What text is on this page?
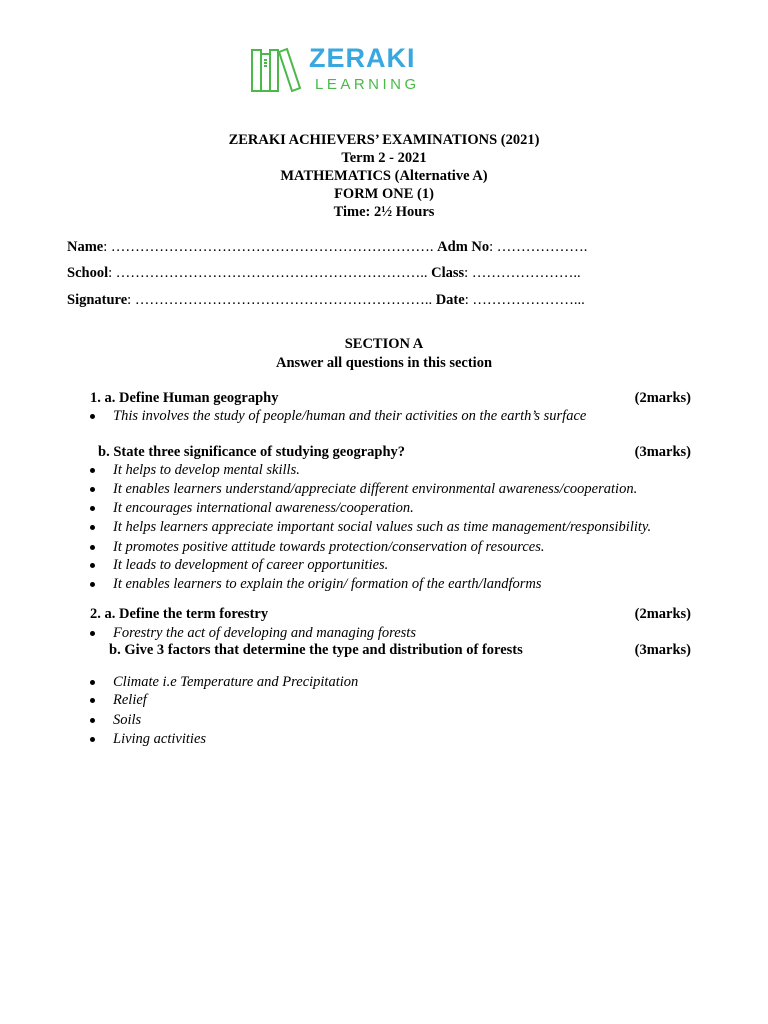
ZERAKI
LEARNING
ZERAKI ACHIEVERS’ EXAMINATIONS (2021)
Term 2 - 2021
MATHEMATICS (Alternative A)
FORM ONE (1)
Time: 2½ Hours
Name: …………………………………………………………. Adm No: ……………….
School: ……………………………………………………….. Class: …………………..
Signature: …………………………………………………….. Date: …………………...
SECTION A
Answer all questions in this section
1. a. Define Human geography	(2marks)
This involves the study of people/human and their activities on the earth’s surface
b. State three significance of studying geography?	(3marks)
It helps to develop mental skills.
It enables learners understand/appreciate different environmental awareness/cooperation.
It encourages international awareness/cooperation.
It helps learners appreciate important social values such as time management/responsibility.
It promotes positive attitude towards protection/conservation of resources.
It leads to development of career opportunities.
It enables learners to explain the origin/ formation of the earth/landforms
2. a. Define the term forestry	(2marks)
Forestry the act of developing and managing forests
b. Give 3 factors that determine the type and distribution of forests	(3marks)
Climate i.e Temperature and Precipitation
Relief
Soils
Living activities
